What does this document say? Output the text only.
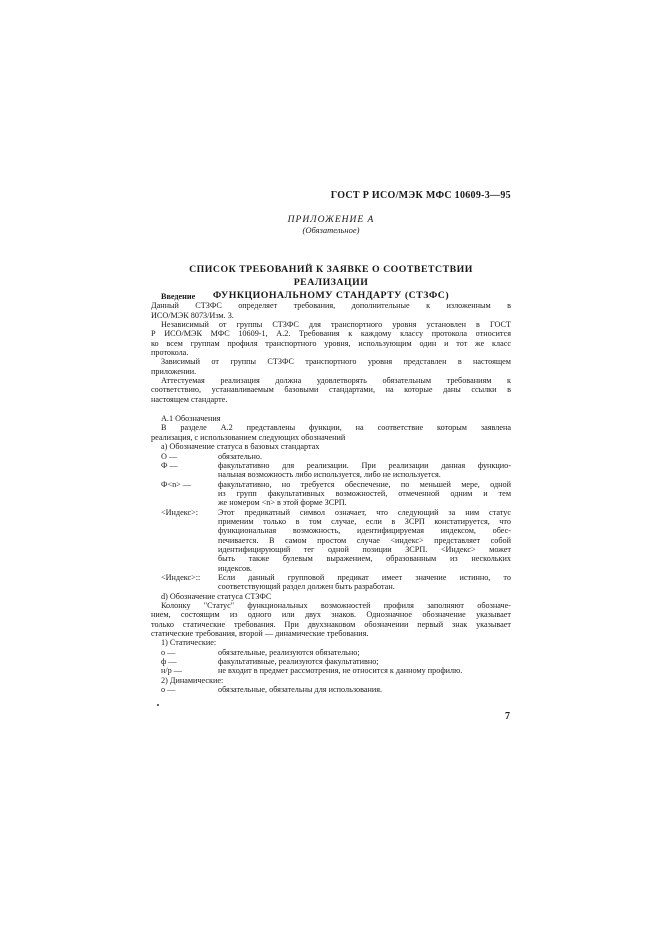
ГОСТ Р ИСО/МЭК МФС 10609-3—95
ПРИЛОЖЕНИЕ А
(Обязательное)
СПИСОК ТРЕБОВАНИЙ К ЗАЯВКЕ О СООТВЕТСТВИИ РЕАЛИЗАЦИИ
ФУНКЦИОНАЛЬНОМУ СТАНДАРТУ (СТЗФС)
Введение
Данный СТЗФС определяет требования, дополнительные к изложенным в
ИСО/МЭК 8073/Изм. 3.
Независимый от группы СТЗФС для транспортного уровня установлен в ГОСТ
Р ИСО/МЭК МФС 10609-1, А.2. Требования к каждому классу протокола относится
ко всем группам профиля транспортного уровня, использующим один и тот же класс
протокола.
Зависимый от группы СТЗФС транспортного уровня представлен в настоящем
приложении.
Аттестуемая реализация должна удовлетворять обязательным требованиям к
соответствию, устанавливаемым базовыми стандартами, на которые даны ссылки в
настоящем стандарте.
А.1 Обозначения
В разделе А.2 представлены функции, на соответствие которым заявлена
реализация, с использованием следующих обозначений
а) Обозначение статуса в базовых стандартах
О —	обязательно.
Ф —	факультативно для реализации. При реализации данная функцио-
нальная возможность либо используется, либо не используется.
Ф<n> —	факультативно, но требуется обеспечение, по меньшей мере, одной
из групп факультативных возможностей, отмеченной одним и тем
же номером <n> в этой форме ЗСРП.
<Индекс>:	Этот предикатный символ означает, что следующий за ним статус
применим только в том случае, если в ЗСРП констатируется, что
функциональная возможность, идентифицируемая индексом, обес-
печивается. В самом простом случае <индекс> представляет собой
идентифицирующий тег одной позиции ЗСРП. <Индекс> может
быть также булевым выражением, образованным из нескольких
индексов.
<Индекс>::	Если данный групповой предикат имеет значение истинно, то
соответствующий раздел должен быть разработан.
d) Обозначение статуса СТЗФС
Колонку "Статус" функциональных возможностей профиля заполняют обозначе-
нием, состоящим из одного или двух знаков. Однозначное обозначение указывает
только статические требования. При двухзнаковом обозначении первый знак указывает
статические требования, второй — динамические требования.
1) Статические:
о —	обязательные, реализуются обязательно;
ф —	факультативные, реализуются факультативно;
н/р —	не входит в предмет рассмотрения, не относится к данному профилю.
2) Динамические:
о —	обязательные, обязательны для использования.
7
